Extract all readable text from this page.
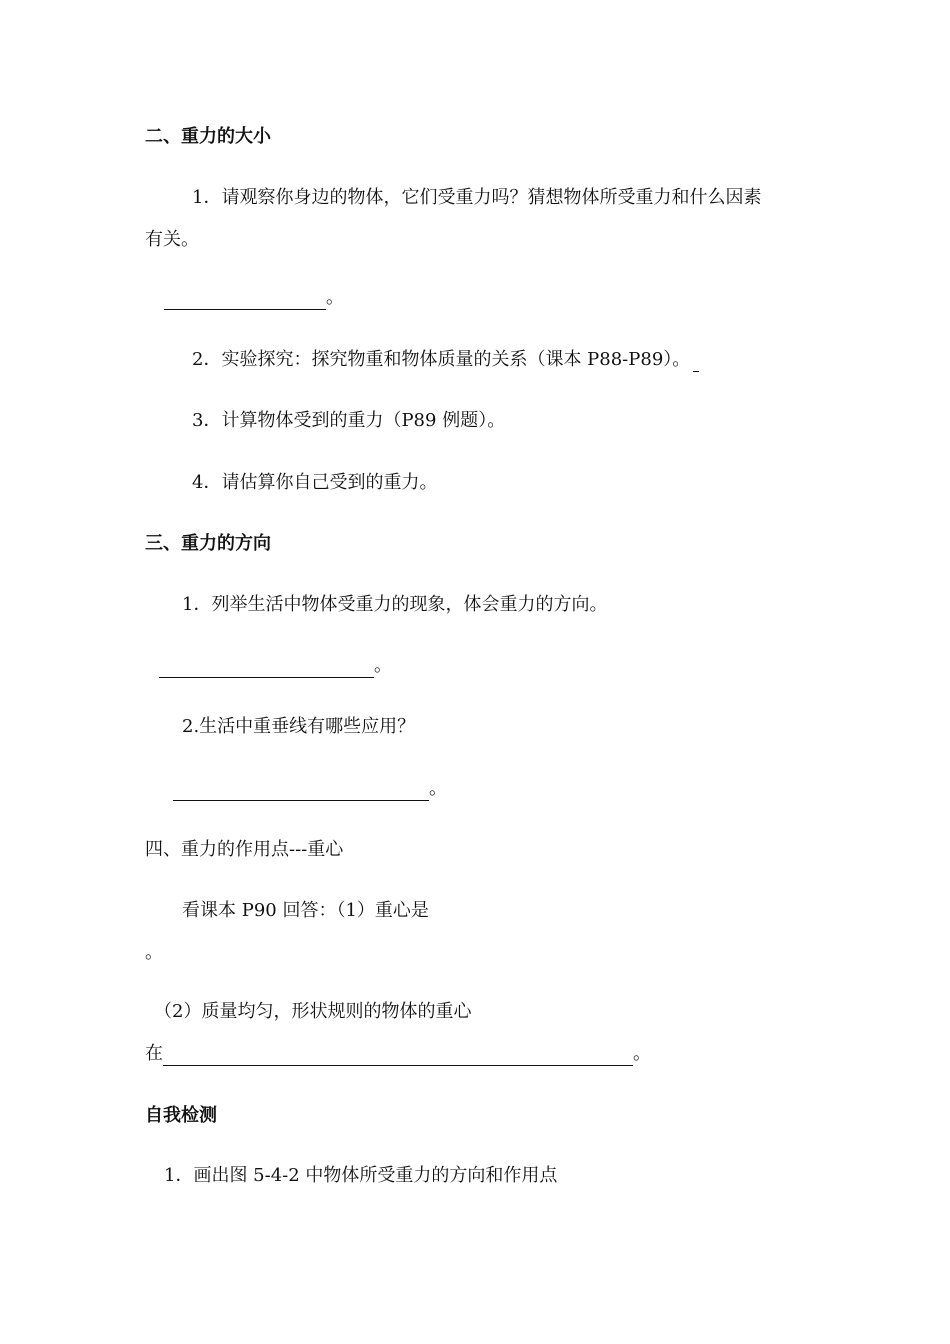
二、重力的大小
1．请观察你身边的物体，它们受重力吗？猜想物体所受重力和什么因素
有关。
。
2．实验探究：探究物重和物体质量的关系（课本 P88-P89）。
3．计算物体受到的重力（P89 例题）。
4．请估算你自己受到的重力。
三、重力的方向
1．列举生活中物体受重力的现象，体会重力的方向。
。
2.生活中重垂线有哪些应用？
。
四、重力的作用点---重心
看课本 P90 回答：（1）重心是
。
（2）质量均匀，形状规则的物体的重心
在	。
自我检测
1．画出图 5-4-2 中物体所受重力的方向和作用点
